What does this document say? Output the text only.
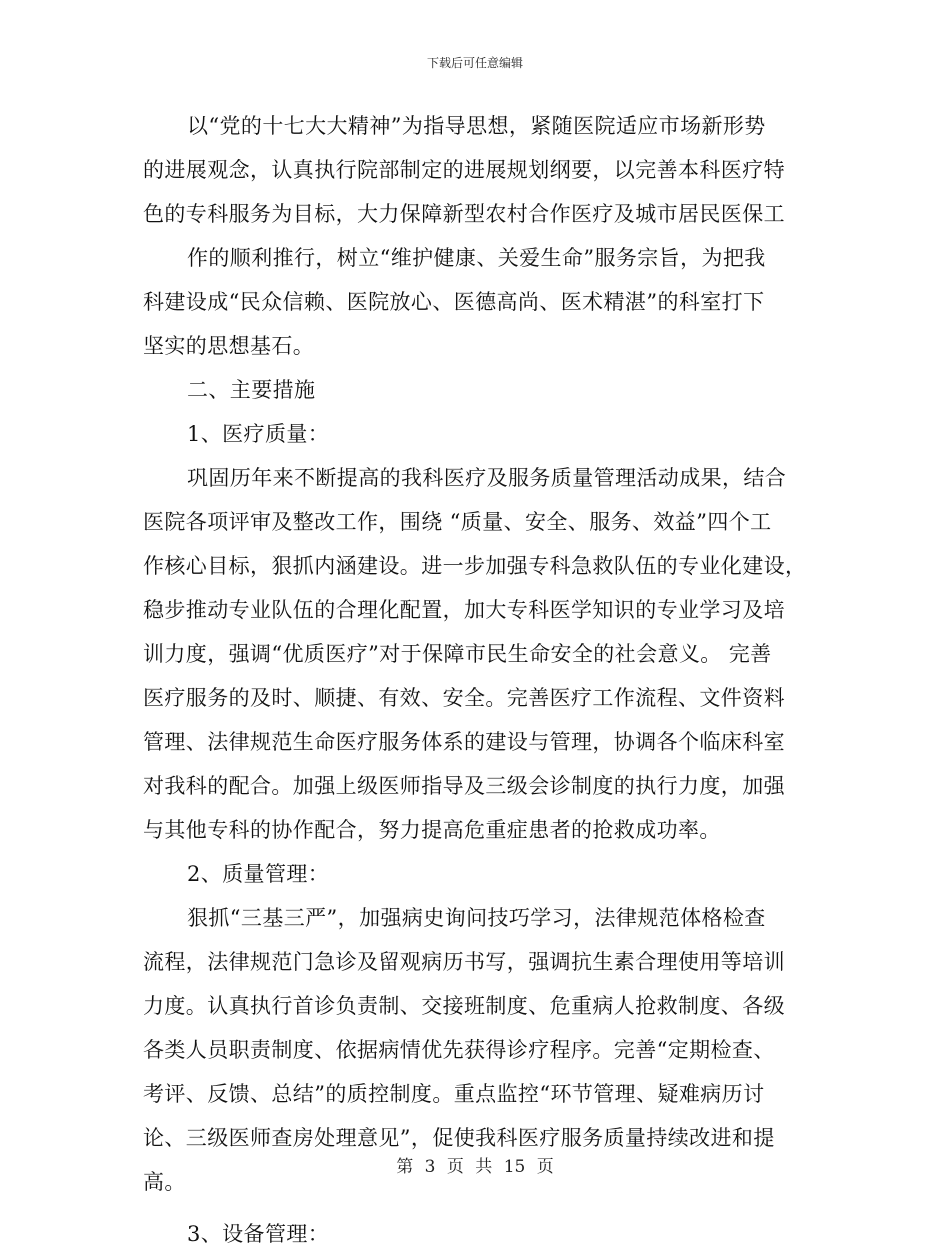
下载后可任意编辑
以“党的十七大大精神”为指导思想，紧随医院适应市场新形势
的进展观念，认真执行院部制定的进展规划纲要，以完善本科医疗特
色的专科服务为目标，大力保障新型农村合作医疗及城市居民医保工
作的顺利推行，树立“维护健康、关爱生命”服务宗旨，为把我
科建设成“民众信赖、医院放心、医德高尚、医术精湛”的科室打下
坚实的思想基石。
二、主要措施
1、医疗质量：
巩固历年来不断提高的我科医疗及服务质量管理活动成果，结合
医院各项评审及整改工作，围绕 “质量、安全、服务、效益”四个工
作核心目标，狠抓内涵建设。进一步加强专科急救队伍的专业化建设，
稳步推动专业队伍的合理化配置，加大专科医学知识的专业学习及培
训力度，强调“优质医疗”对于保障市民生命安全的社会意义。 完善
医疗服务的及时、顺捷、有效、安全。完善医疗工作流程、文件资料
管理、法律规范生命医疗服务体系的建设与管理，协调各个临床科室
对我科的配合。加强上级医师指导及三级会诊制度的执行力度，加强
与其他专科的协作配合，努力提高危重症患者的抢救成功率。
2、质量管理：
狠抓“三基三严”，加强病史询问技巧学习，法律规范体格检查
流程，法律规范门急诊及留观病历书写，强调抗生素合理使用等培训
力度。认真执行首诊负责制、交接班制度、危重病人抢救制度、各级
各类人员职责制度、依据病情优先获得诊疗程序。完善“定期检查、
考评、反馈、总结”的质控制度。重点监控“环节管理、疑难病历讨
论、三级医师查房处理意见”，促使我科医疗服务质量持续改进和提
高。
3、设备管理：
第 3 页 共 15 页
